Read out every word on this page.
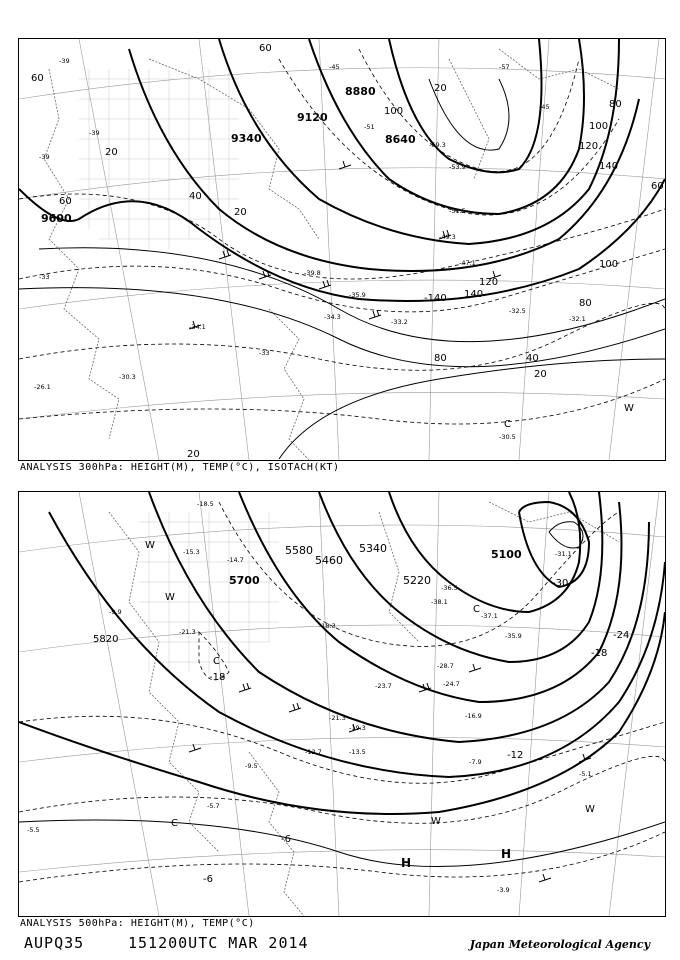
9600
9340
9120
8880
8640
20
40
60
80
100
120
140
-140	80
40
20
20
20
60
20
100
80
100
120
140
60
60
-39
-39
-39
-45
-45
-51
-57
-33
-33
-47.1
-49.3
-51.5
-53.9
-59.3
-35.9
-32.1
-30.3
-26.1
-34.1
-39.8
-34.3
-33.2
-32.5
-30.5
C
W
ANALYSIS 300hPa: HEIGHT(M), TEMP(°C), ISOTACH(KT)
5820
5700
5580
5460
5340
5220
5100
-18
-24
-30
-18
-12
-6
-6
-18.5
-15.3
-14.7
-9.9
-21.3
-18.3
-23.7
-37.1
-36.5
-38.1
-28.7
-24.7
-21.3
-19.3
-16.9
-13.5
-12.7
-9.5	-7.9
-5.1
-5.7
-5.5
-3.9
-31.1
-35.9
W
W
C
C
C	W
W
H
H
ANALYSIS 500hPa: HEIGHT(M), TEMP(°C)
AUPQ35	151200UTC MAR 2014	Japan Meteorological Agency
